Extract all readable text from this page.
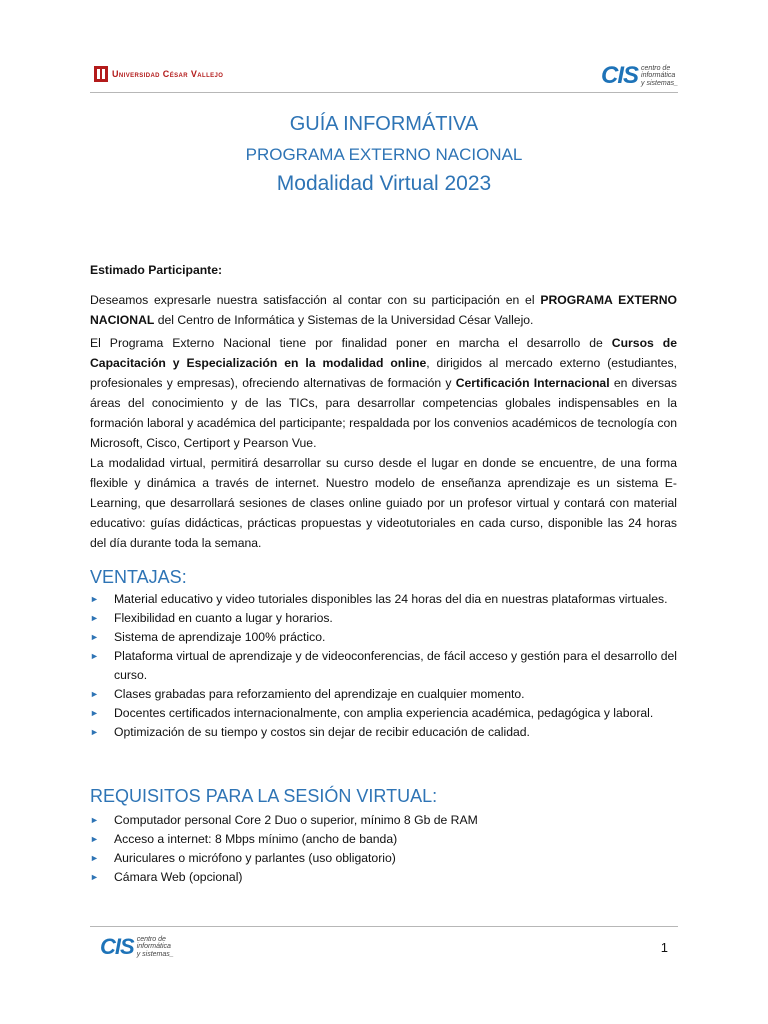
Universidad César Vallejo	CIS centro de
informática
y sistemas_
GUÍA INFORMÁTIVA
PROGRAMA EXTERNO NACIONAL
Modalidad Virtual 2023
Estimado Participante:
Deseamos expresarle nuestra satisfacción al contar con su participación en el PROGRAMA EXTERNO NACIONAL del Centro de Informática y Sistemas de la Universidad César Vallejo.
El Programa Externo Nacional tiene por finalidad poner en marcha el desarrollo de Cursos de Capacitación y Especialización en la modalidad online, dirigidos al mercado externo (estudiantes, profesionales y empresas), ofreciendo alternativas de formación y Certificación Internacional en diversas áreas del conocimiento y de las TICs, para desarrollar competencias globales indispensables en la formación laboral y académica del participante; respaldada por los convenios académicos de tecnología con Microsoft, Cisco, Certiport y Pearson Vue.
La modalidad virtual, permitirá desarrollar su curso desde el lugar en donde se encuentre, de una forma flexible y dinámica a través de internet. Nuestro modelo de enseñanza aprendizaje es un sistema E-Learning, que desarrollará sesiones de clases online guiado por un profesor virtual y contará con material educativo: guías didácticas, prácticas propuestas y videotutoriales en cada curso, disponible las 24 horas del día durante toda la semana.
VENTAJAS:
► Material educativo y video tutoriales disponibles las 24 horas del dia en nuestras plataformas virtuales.
► Flexibilidad en cuanto a lugar y horarios.
► Sistema de aprendizaje 100% práctico.
► Plataforma virtual de aprendizaje y de videoconferencias, de fácil acceso y gestión para el desarrollo del curso.
► Clases grabadas para reforzamiento del aprendizaje en cualquier momento.
► Docentes certificados internacionalmente, con amplia experiencia académica, pedagógica y laboral.
► Optimización de su tiempo y costos sin dejar de recibir educación de calidad.
REQUISITOS PARA LA SESIÓN VIRTUAL:
► Computador personal Core 2 Duo o superior, mínimo 8 Gb de RAM
► Acceso a internet: 8 Mbps mínimo (ancho de banda)
► Auriculares o micrófono y parlantes (uso obligatorio)
► Cámara Web (opcional)
CIS centro de
informática
y sistemas_	1
